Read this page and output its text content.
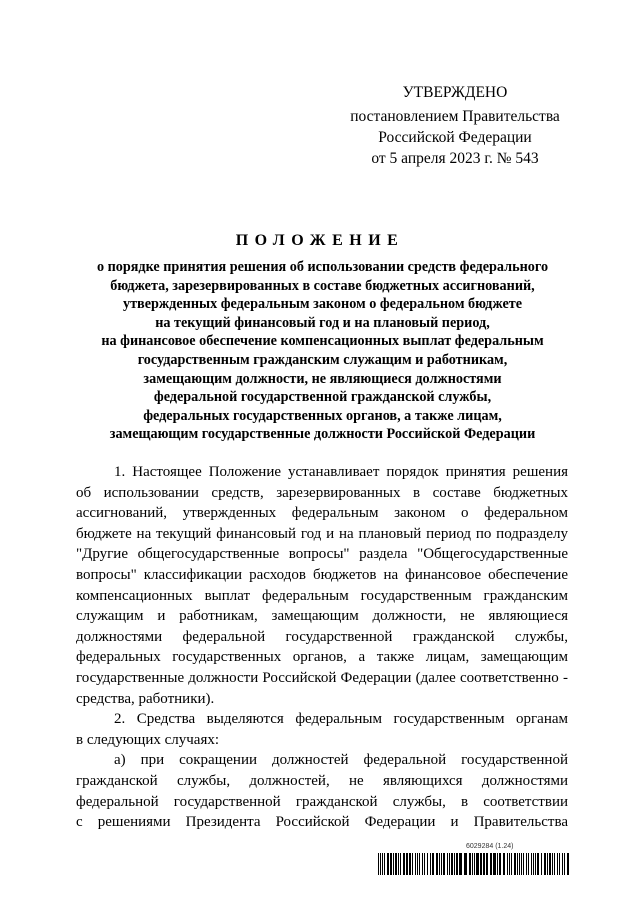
УТВЕРЖДЕНО
постановлением Правительства
Российской Федерации
от 5 апреля 2023 г. № 543
ПОЛОЖЕНИЕ
о порядке принятия решения об использовании средств федерального
бюджета, зарезервированных в составе бюджетных ассигнований,
утвержденных федеральным законом о федеральном бюджете
на текущий финансовый год и на плановый период,
на финансовое обеспечение компенсационных выплат федеральным
государственным гражданским служащим и работникам,
замещающим должности, не являющиеся должностями
федеральной государственной гражданской службы,
федеральных государственных органов, а также лицам,
замещающим государственные должности Российской Федерации
1. Настоящее Положение устанавливает порядок принятия решения
об использовании средств, зарезервированных в составе бюджетных
ассигнований, утвержденных федеральным законом о федеральном
бюджете на текущий финансовый год и на плановый период по подразделу
"Другие общегосударственные вопросы" раздела "Общегосударственные
вопросы" классификации расходов бюджетов на финансовое обеспечение
компенсационных выплат федеральным государственным гражданским
служащим и работникам, замещающим должности, не являющиеся
должностями федеральной государственной гражданской службы,
федеральных государственных органов, а также лицам, замещающим
государственные должности Российской Федерации (далее соответственно -
средства, работники).
2. Средства выделяются федеральным государственным органам
в следующих случаях:
а) при сокращении должностей федеральной государственной
гражданской службы, должностей, не являющихся должностями
федеральной государственной гражданской службы, в соответствии
с решениями Президента Российской Федерации и Правительства
6029284 (1.24)
